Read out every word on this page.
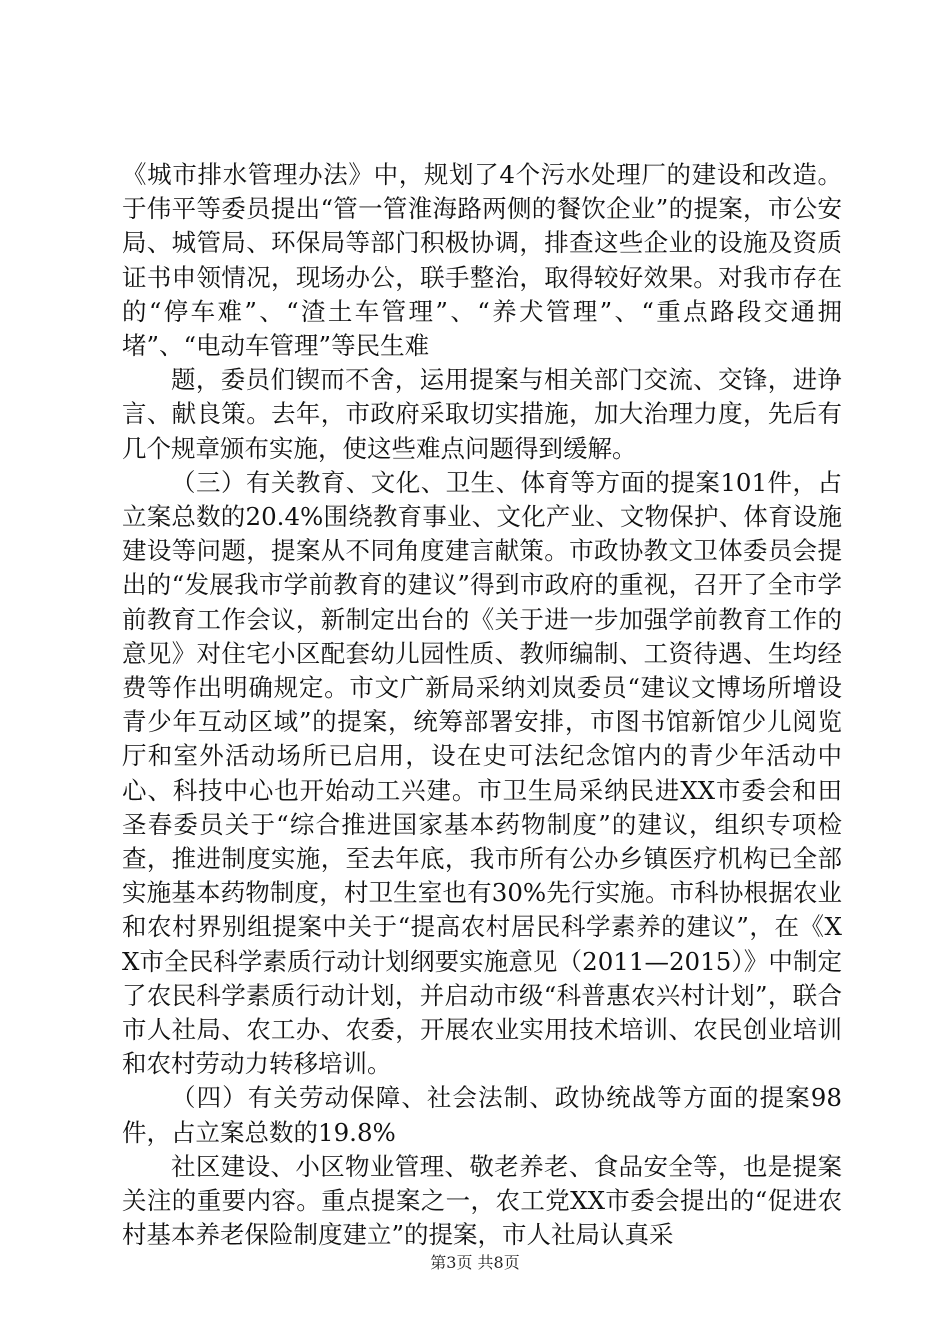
《城市排水管理办法》中，规划了4个污水处理厂的建设和改造。于伟平等委员提出“管一管淮海路两侧的餐饮企业”的提案，市公安局、城管局、环保局等部门积极协调，排查这些企业的设施及资质证书申领情况，现场办公，联手整治，取得较好效果。对我市存在的“停车难”、“渣土车管理”、“养犬管理”、“重点路段交通拥堵”、“电动车管理”等民生难

题，委员们锲而不舍，运用提案与相关部门交流、交锋，进诤言、献良策。去年，市政府采取切实措施，加大治理力度，先后有几个规章颁布实施，使这些难点问题得到缓解。

（三）有关教育、文化、卫生、体育等方面的提案101件，占立案总数的20.4%围绕教育事业、文化产业、文物保护、体育设施建设等问题，提案从不同角度建言献策。市政协教文卫体委员会提出的“发展我市学前教育的建议”得到市政府的重视，召开了全市学前教育工作会议，新制定出台的《关于进一步加强学前教育工作的意见》对住宅小区配套幼儿园性质、教师编制、工资待遇、生均经费等作出明确规定。市文广新局采纳刘岚委员“建议文博场所增设青少年互动区域”的提案，统筹部署安排，市图书馆新馆少儿阅览厅和室外活动场所已启用，设在史可法纪念馆内的青少年活动中心、科技中心也开始动工兴建。市卫生局采纳民进XX市委会和田圣春委员关于“综合推进国家基本药物制度”的建议，组织专项检查，推进制度实施，至去年底，我市所有公办乡镇医疗机构已全部实施基本药物制度，村卫生室也有30%先行实施。市科协根据农业和农村界别组提案中关于“提高农村居民科学素养的建议”，在《XX市全民科学素质行动计划纲要实施意见（2011—2015）》中制定了农民科学素质行动计划，并启动市级“科普惠农兴村计划”，联合市人社局、农工办、农委，开展农业实用技术培训、农民创业培训和农村劳动力转移培训。

（四）有关劳动保障、社会法制、政协统战等方面的提案98件，占立案总数的19.8%

社区建设、小区物业管理、敬老养老、食品安全等，也是提案关注的重要内容。重点提案之一，农工党XX市委会提出的“促进农村基本养老保险制度建立”的提案，市人社局认真采

第3页 共8页
